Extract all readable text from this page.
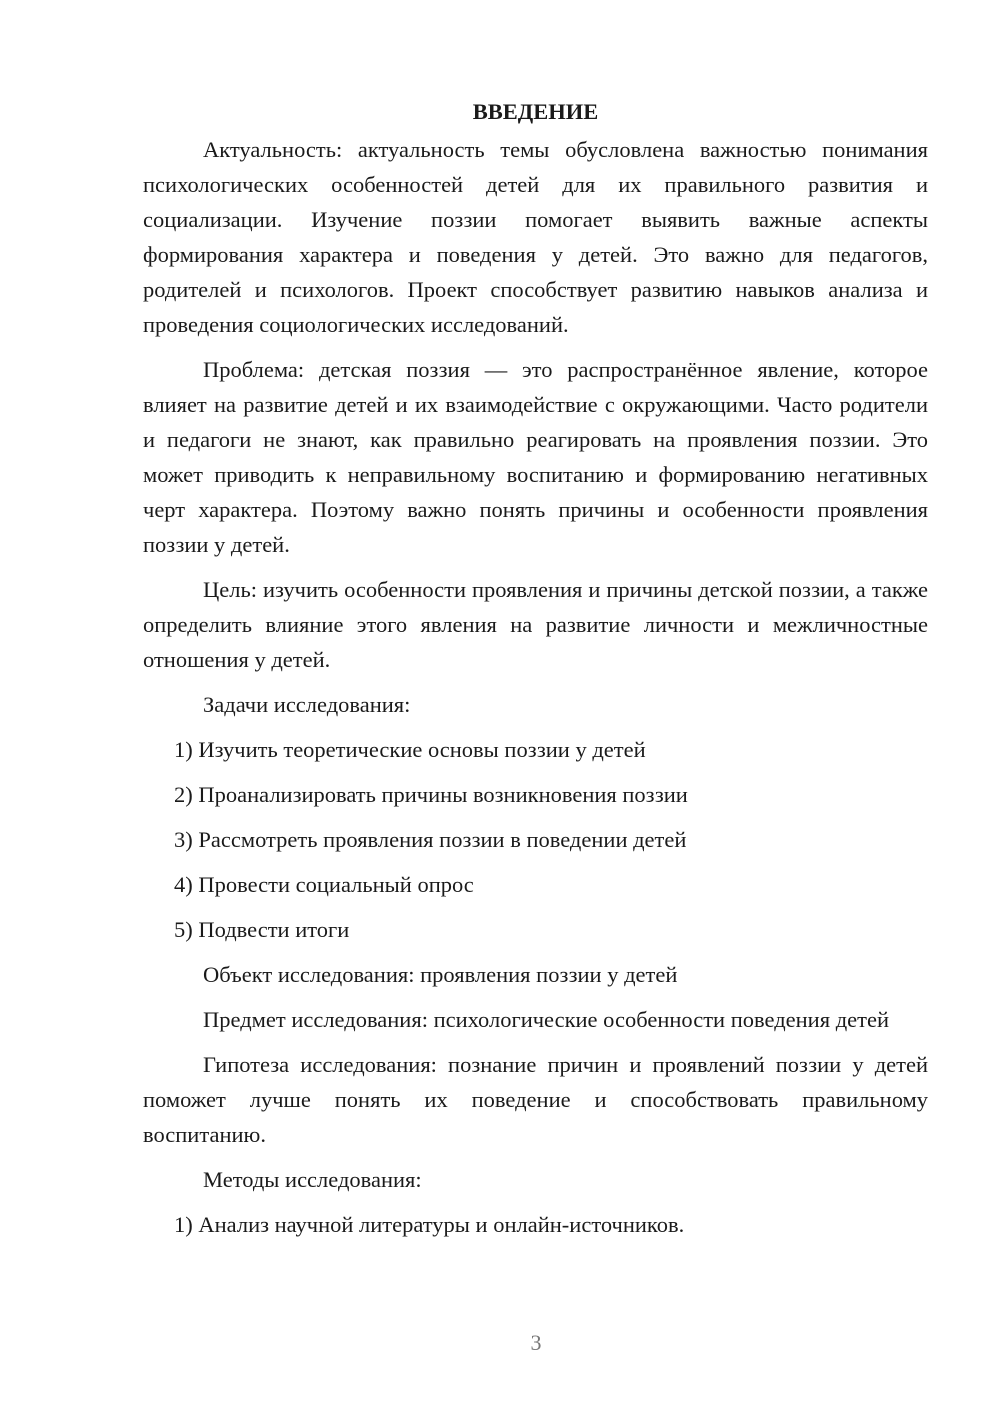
ВВЕДЕНИЕ

Актуальность: актуальность темы обусловлена важностью понимания психологических особенностей детей для их правильного развития и социализации. Изучение поззии помогает выявить важные аспекты формирования характера и поведения у детей. Это важно для педагогов, родителей и психологов. Проект способствует развитию навыков анализа и проведения социологических исследований.

Проблема: детская поззия — это распространённое явление, которое влияет на развитие детей и их взаимодействие с окружающими. Часто родители и педагоги не знают, как правильно реагировать на проявления поззии. Это может приводить к неправильному воспитанию и формированию негативных черт характера. Поэтому важно понять причины и особенности проявления поззии у детей.

Цель: изучить особенности проявления и причины детской поззии, а также определить влияние этого явления на развитие личности и межличностные отношения у детей.

Задачи исследования:
1) Изучить теоретические основы поззии у детей
2) Проанализировать причины возникновения поззии
3) Рассмотреть проявления поззии в поведении детей
4) Провести социальный опрос
5) Подвести итоги

Объект исследования: проявления поззии у детей

Предмет исследования: психологические особенности поведения детей

Гипотеза исследования: познание причин и проявлений поззии у детей поможет лучше понять их поведение и способствовать правильному воспитанию.

Методы исследования:
1) Анализ научной литературы и онлайн-источников.
3
